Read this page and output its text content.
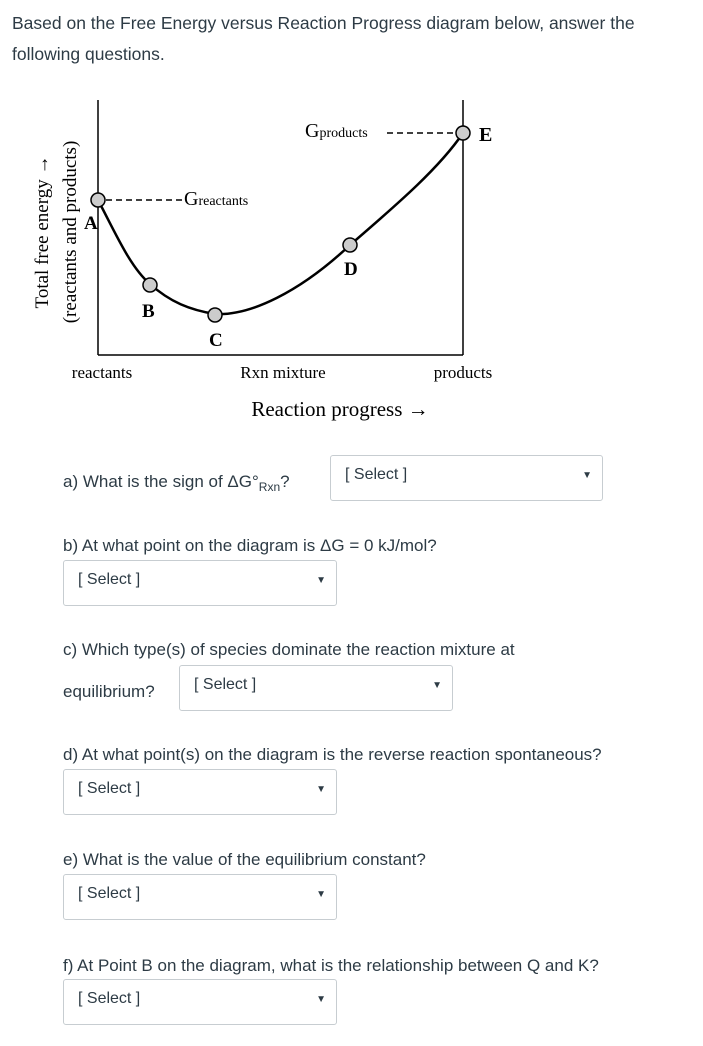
Based on the Free Energy versus Reaction Progress diagram below, answer the following questions.

Total free energy → (reactants and products) A
B
C
D
E
Gproducts
Greactants
reactants	Rxn mixture	products
Reaction progress →
a) What is the sign of $\Delta G^\circ_{Rxn}$?	[ Select ]	▼
b) At what point on the diagram is ΔG = 0 kJ/mol?
[ Select ]	▼
c) Which type(s) of species dominate the reaction mixture at
equilibrium? [ Select ]	▼
d) At what point(s) on the diagram is the reverse reaction spontaneous?
[ Select ]	▼
e) What is the value of the equilibrium constant?
[ Select ]	▼
f) At Point B on the diagram, what is the relationship between Q and K?
[ Select ]	▼
